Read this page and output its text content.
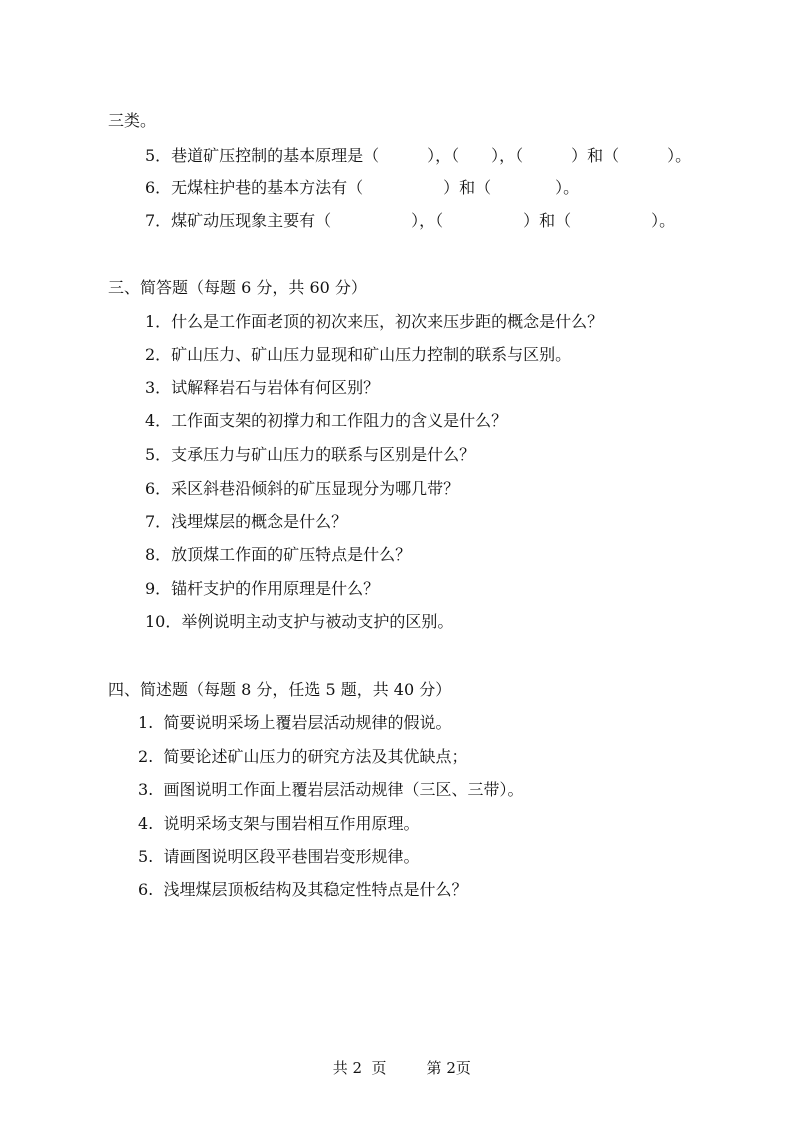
三类。
5．巷道矿压控制的基本原理是（　　　），（　　），（　　　）和（　　　）。
6．无煤柱护巷的基本方法有（　　　　　）和（　　　　）。
7．煤矿动压现象主要有（　　　　　），（　　　　　）和（　　　　　）。
三、简答题（每题 6 分，共 60 分）
1．什么是工作面老顶的初次来压，初次来压步距的概念是什么？
2．矿山压力、矿山压力显现和矿山压力控制的联系与区别。
3．试解释岩石与岩体有何区别？
4．工作面支架的初撑力和工作阻力的含义是什么？
5．支承压力与矿山压力的联系与区别是什么？
6．采区斜巷沿倾斜的矿压显现分为哪几带？
7．浅埋煤层的概念是什么？
8．放顶煤工作面的矿压特点是什么？
9．锚杆支护的作用原理是什么？
10．举例说明主动支护与被动支护的区别。
四、简述题（每题 8 分，任选 5 题，共 40 分）
1.  简要说明采场上覆岩层活动规律的假说。
2.  简要论述矿山压力的研究方法及其优缺点；
3.  画图说明工作面上覆岩层活动规律（三区、三带）。
4.  说明采场支架与围岩相互作用原理。
5.  请画图说明区段平巷围岩变形规律。
6.  浅埋煤层顶板结构及其稳定性特点是什么？

共 2  页	第 2页
